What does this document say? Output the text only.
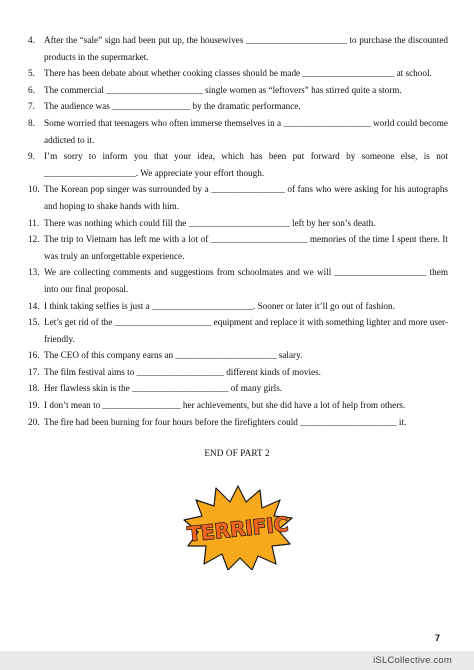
4. After the “sale” sign had been put up, the housewives ______________________ to purchase the discounted products in the supermarket.
5. There has been debate about whether cooking classes should be made ____________________ at school.
6. The commercial _____________________ single women as “leftovers” has stirred quite a storm.
7. The audience was _________________ by the dramatic performance.
8. Some worried that teenagers who often immerse themselves in a ___________________ world could become addicted to it.
9. I’m sorry to inform you that your idea, which has been put forward by someone else, is not ____________________. We appreciate your effort though.
10. The Korean pop singer was surrounded by a ________________ of fans who were asking for his autographs and hoping to shake hands with him.
11. There was nothing which could fill the ______________________ left by her son’s death.
12. The trip to Vietnam has left me with a lot of _____________________ memories of the time I spent there. It was truly an unforgettable experience.
13. We are collecting comments and suggestions from schoolmates and we will ____________________ them into our final proposal.
14. I think taking selfies is just a ______________________. Sooner or later it’ll go out of fashion.
15. Let’s get rid of the _____________________ equipment and replace it with something lighter and more user-friendly.
16. The CEO of this company earns an ______________________ salary.
17. The film festival aims to ___________________ different kinds of movies.
18. Her flawless skin is the _____________________ of many girls.
19. I don’t mean to _________________ her achievements, but she did have a lot of help from others.
20. The fire had been burning for four hours before the firefighters could _____________________ it.
END OF PART 2
TERRIFIC
7
iSLCollective.com
